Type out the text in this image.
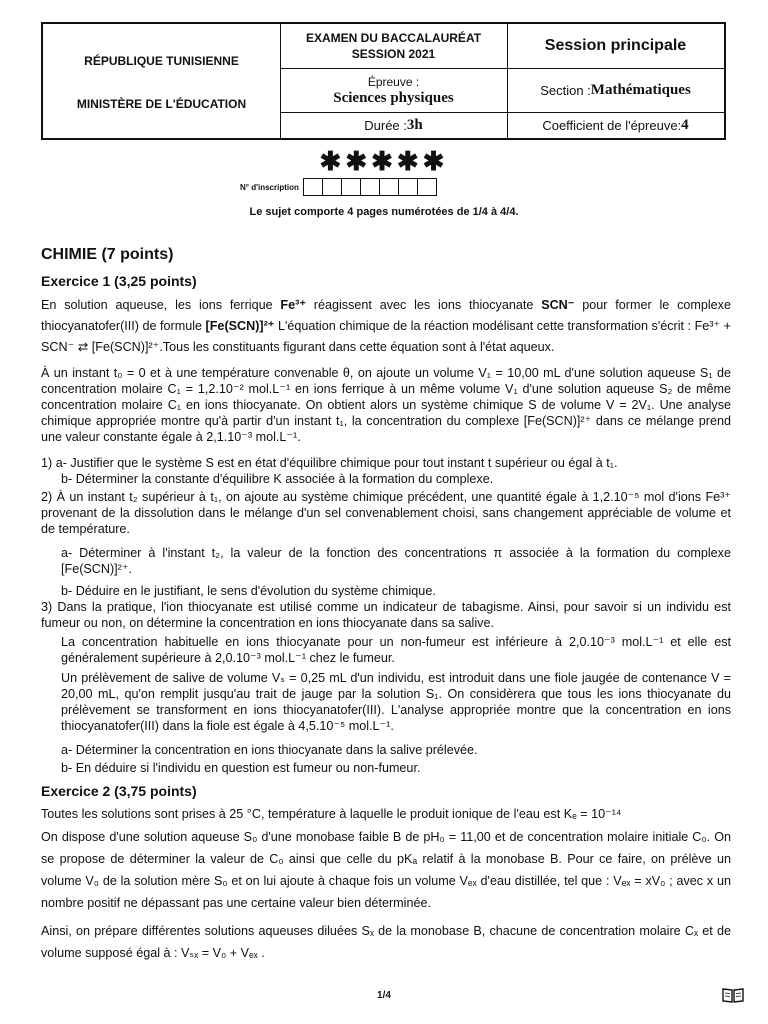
RÉPUBLIQUE TUNISIENNE
MINISTÈRE DE L'ÉDUCATION
EXAMEN DU BACCALAURÉAT
SESSION 2021	Session principale
Épreuve :
Sciences physiques	Section : Mathématiques
Durée : 3h	Coefficient de l'épreuve: 4
✱✱✱✱✱
N° d'inscription
Le sujet comporte 4 pages numérotées de 1/4 à 4/4.
CHIMIE (7 points)
Exercice 1 (3,25 points)
En solution aqueuse, les ions ferrique Fe³⁺ réagissent avec les ions thiocyanate SCN⁻ pour former le complexe thiocyanatofer(III) de formule [Fe(SCN)]²⁺ L'équation chimique de la réaction modélisant cette transformation s'écrit : Fe³⁺ + SCN⁻ ⇄ [Fe(SCN)]²⁺.Tous les constituants figurant dans cette équation sont à l'état aqueux.
À un instant t₀ = 0 et à une température convenable θ, on ajoute un volume V₁ = 10,00 mL d'une solution aqueuse S₁ de concentration molaire C₁ = 1,2.10⁻² mol.L⁻¹ en ions ferrique à un même volume V₁ d'une solution aqueuse S₂ de même concentration molaire C₁ en ions thiocyanate. On obtient alors un système chimique S de volume V = 2V₁. Une analyse chimique appropriée montre qu'à partir d'un instant t₁, la concentration du complexe [Fe(SCN)]²⁺ dans ce mélange prend une valeur constante égale à 2,1.10⁻³ mol.L⁻¹.
1) a- Justifier que le système S est en état d'équilibre chimique pour tout instant t supérieur ou égal à t₁.
b- Déterminer la constante d'équilibre K associée à la formation du complexe.
2) À un instant t₂ supérieur à t₁, on ajoute au système chimique précédent, une quantité égale à 1,2.10⁻⁵ mol d'ions Fe³⁺ provenant de la dissolution dans le mélange d'un sel convenablement choisi, sans changement appréciable de volume et de température.
a- Déterminer à l'instant t₂, la valeur de la fonction des concentrations π associée à la formation du complexe [Fe(SCN)]²⁺.
b- Déduire en le justifiant, le sens d'évolution du système chimique.
3) Dans la pratique, l'ion thiocyanate est utilisé comme un indicateur de tabagisme. Ainsi, pour savoir si un individu est fumeur ou non, on détermine la concentration en ions thiocyanate dans sa salive.
La concentration habituelle en ions thiocyanate pour un non-fumeur est inférieure à 2,0.10⁻³ mol.L⁻¹ et elle est généralement supérieure à 2,0.10⁻³ mol.L⁻¹ chez le fumeur.
Un prélèvement de salive de volume Vₛ = 0,25 mL d'un individu, est introduit dans une fiole jaugée de contenance V = 20,00 mL, qu'on remplit jusqu'au trait de jauge par la solution S₁. On considèrera que tous les ions thiocyanate du prélèvement se transforment en ions thiocyanatofer(III). L'analyse appropriée montre que la concentration en ions thiocyanatofer(III) dans la fiole est égale à 4,5.10⁻⁵ mol.L⁻¹.
a- Déterminer la concentration en ions thiocyanate dans la salive prélevée.
b- En déduire si l'individu en question est fumeur ou non-fumeur.
Exercice 2 (3,75 points)
Toutes les solutions sont prises à 25 °C, température à laquelle le produit ionique de l'eau est Kₑ = 10⁻¹⁴
On dispose d'une solution aqueuse S₀ d'une monobase faible B de pH₀ = 11,00 et de concentration molaire initiale C₀. On se propose de déterminer la valeur de C₀ ainsi que celle du pKₐ relatif à la monobase B. Pour ce faire, on prélève un volume V₀ de la solution mère S₀ et on lui ajoute à chaque fois un volume Vₑₓ d'eau distillée, tel que : Vₑₓ = xV₀ ; avec x un nombre positif ne dépassant pas une certaine valeur bien déterminée.
Ainsi, on prépare différentes solutions aqueuses diluées Sₓ de la monobase B, chacune de concentration molaire Cₓ et de volume supposé égal à : Vₛₓ = V₀ + Vₑₓ .
1/4
